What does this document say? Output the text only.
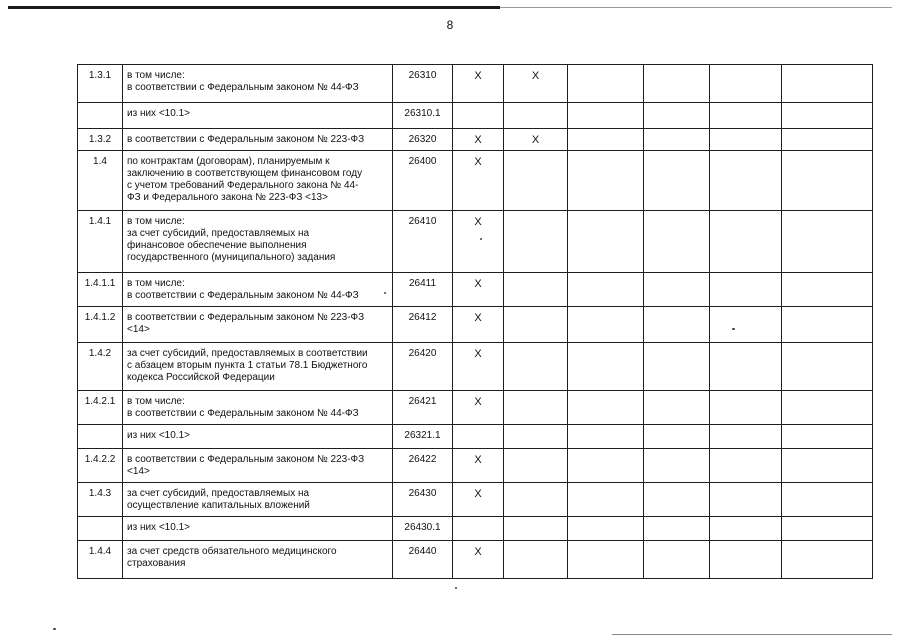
8
1.3.1	в том числе:
в соответствии с Федеральным законом № 44-ФЗ	26310	X	X				

	из них <10.1>	26310.1						
1.3.2	в соответствии с Федеральным законом № 223-ФЗ	26320	X	X				
1.4	по контрактам (договорам), планируемым к
заключению в соответствующем финансовом году
с учетом требований Федерального закона № 44-
ФЗ и Федерального закона № 223-ФЗ <13>	26400	X					
1.4.1	в том числе:
за счет субсидий, предоставляемых на
финансовое обеспечение выполнения
государственного (муниципального) задания	26410	X					
1.4.1.1	в том числе:
в соответствии с Федеральным законом № 44-ФЗ	26411	X					
1.4.1.2	в соответствии с Федеральным законом № 223-ФЗ
<14>	26412	X					
1.4.2	за счет субсидий, предоставляемых в соответствии
с абзацем вторым пункта 1 статьи 78.1 Бюджетного
кодекса Российской Федерации	26420	X					
1.4.2.1	в том числе:
в соответствии с Федеральным законом № 44-ФЗ	26421	X					

	из них <10.1>	26321.1						
1.4.2.2	в соответствии с Федеральным законом № 223-ФЗ
<14>	26422	X					
1.4.3	за счет субсидий, предоставляемых на
осуществление капитальных вложений	26430	X					

	из них <10.1>	26430.1						
1.4.4	за счет средств обязательного медицинского
страхования	26440	X					
